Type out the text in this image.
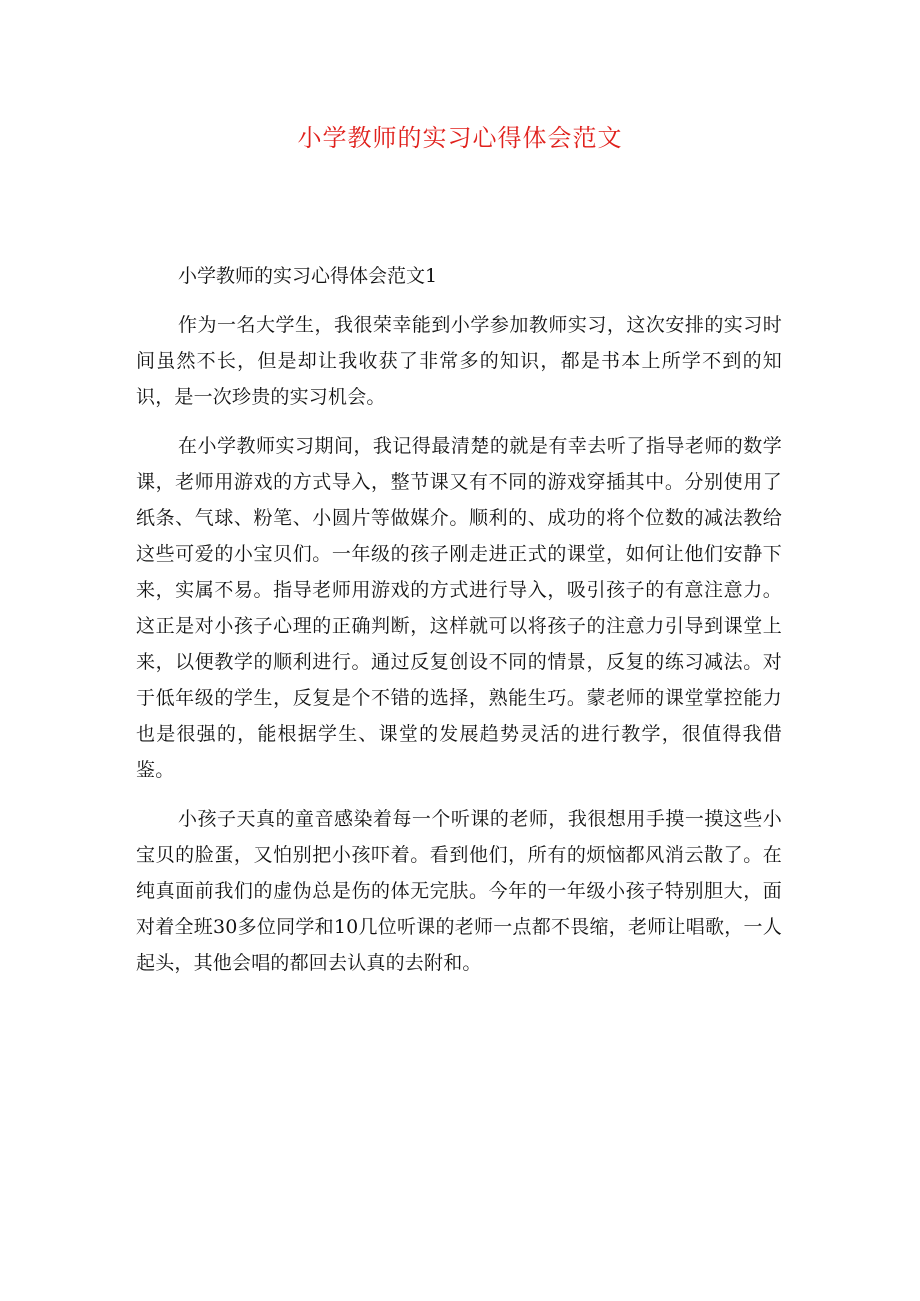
小学教师的实习心得体会范文
小学教师的实习心得体会范文1

作为一名大学生，我很荣幸能到小学参加教师实习，这次安排的实习时间虽然不长，但是却让我收获了非常多的知识，都是书本上所学不到的知识，是一次珍贵的实习机会。

在小学教师实习期间，我记得最清楚的就是有幸去听了指导老师的数学课，老师用游戏的方式导入，整节课又有不同的游戏穿插其中。分别使用了纸条、气球、粉笔、小圆片等做媒介。顺利的、成功的将个位数的减法教给这些可爱的小宝贝们。一年级的孩子刚走进正式的课堂，如何让他们安静下来，实属不易。指导老师用游戏的方式进行导入，吸引孩子的有意注意力。这正是对小孩子心理的正确判断，这样就可以将孩子的注意力引导到课堂上来，以便教学的顺利进行。通过反复创设不同的情景，反复的练习减法。对于低年级的学生，反复是个不错的选择，熟能生巧。蒙老师的课堂掌控能力也是很强的，能根据学生、课堂的发展趋势灵活的进行教学，很值得我借鉴。

小孩子天真的童音感染着每一个听课的老师，我很想用手摸一摸这些小宝贝的脸蛋，又怕别把小孩吓着。看到他们，所有的烦恼都风消云散了。在纯真面前我们的虚伪总是伤的体无完肤。今年的一年级小孩子特别胆大，面对着全班30多位同学和10几位听课的老师一点都不畏缩，老师让唱歌，一人起头，其他会唱的都回去认真的去附和。
